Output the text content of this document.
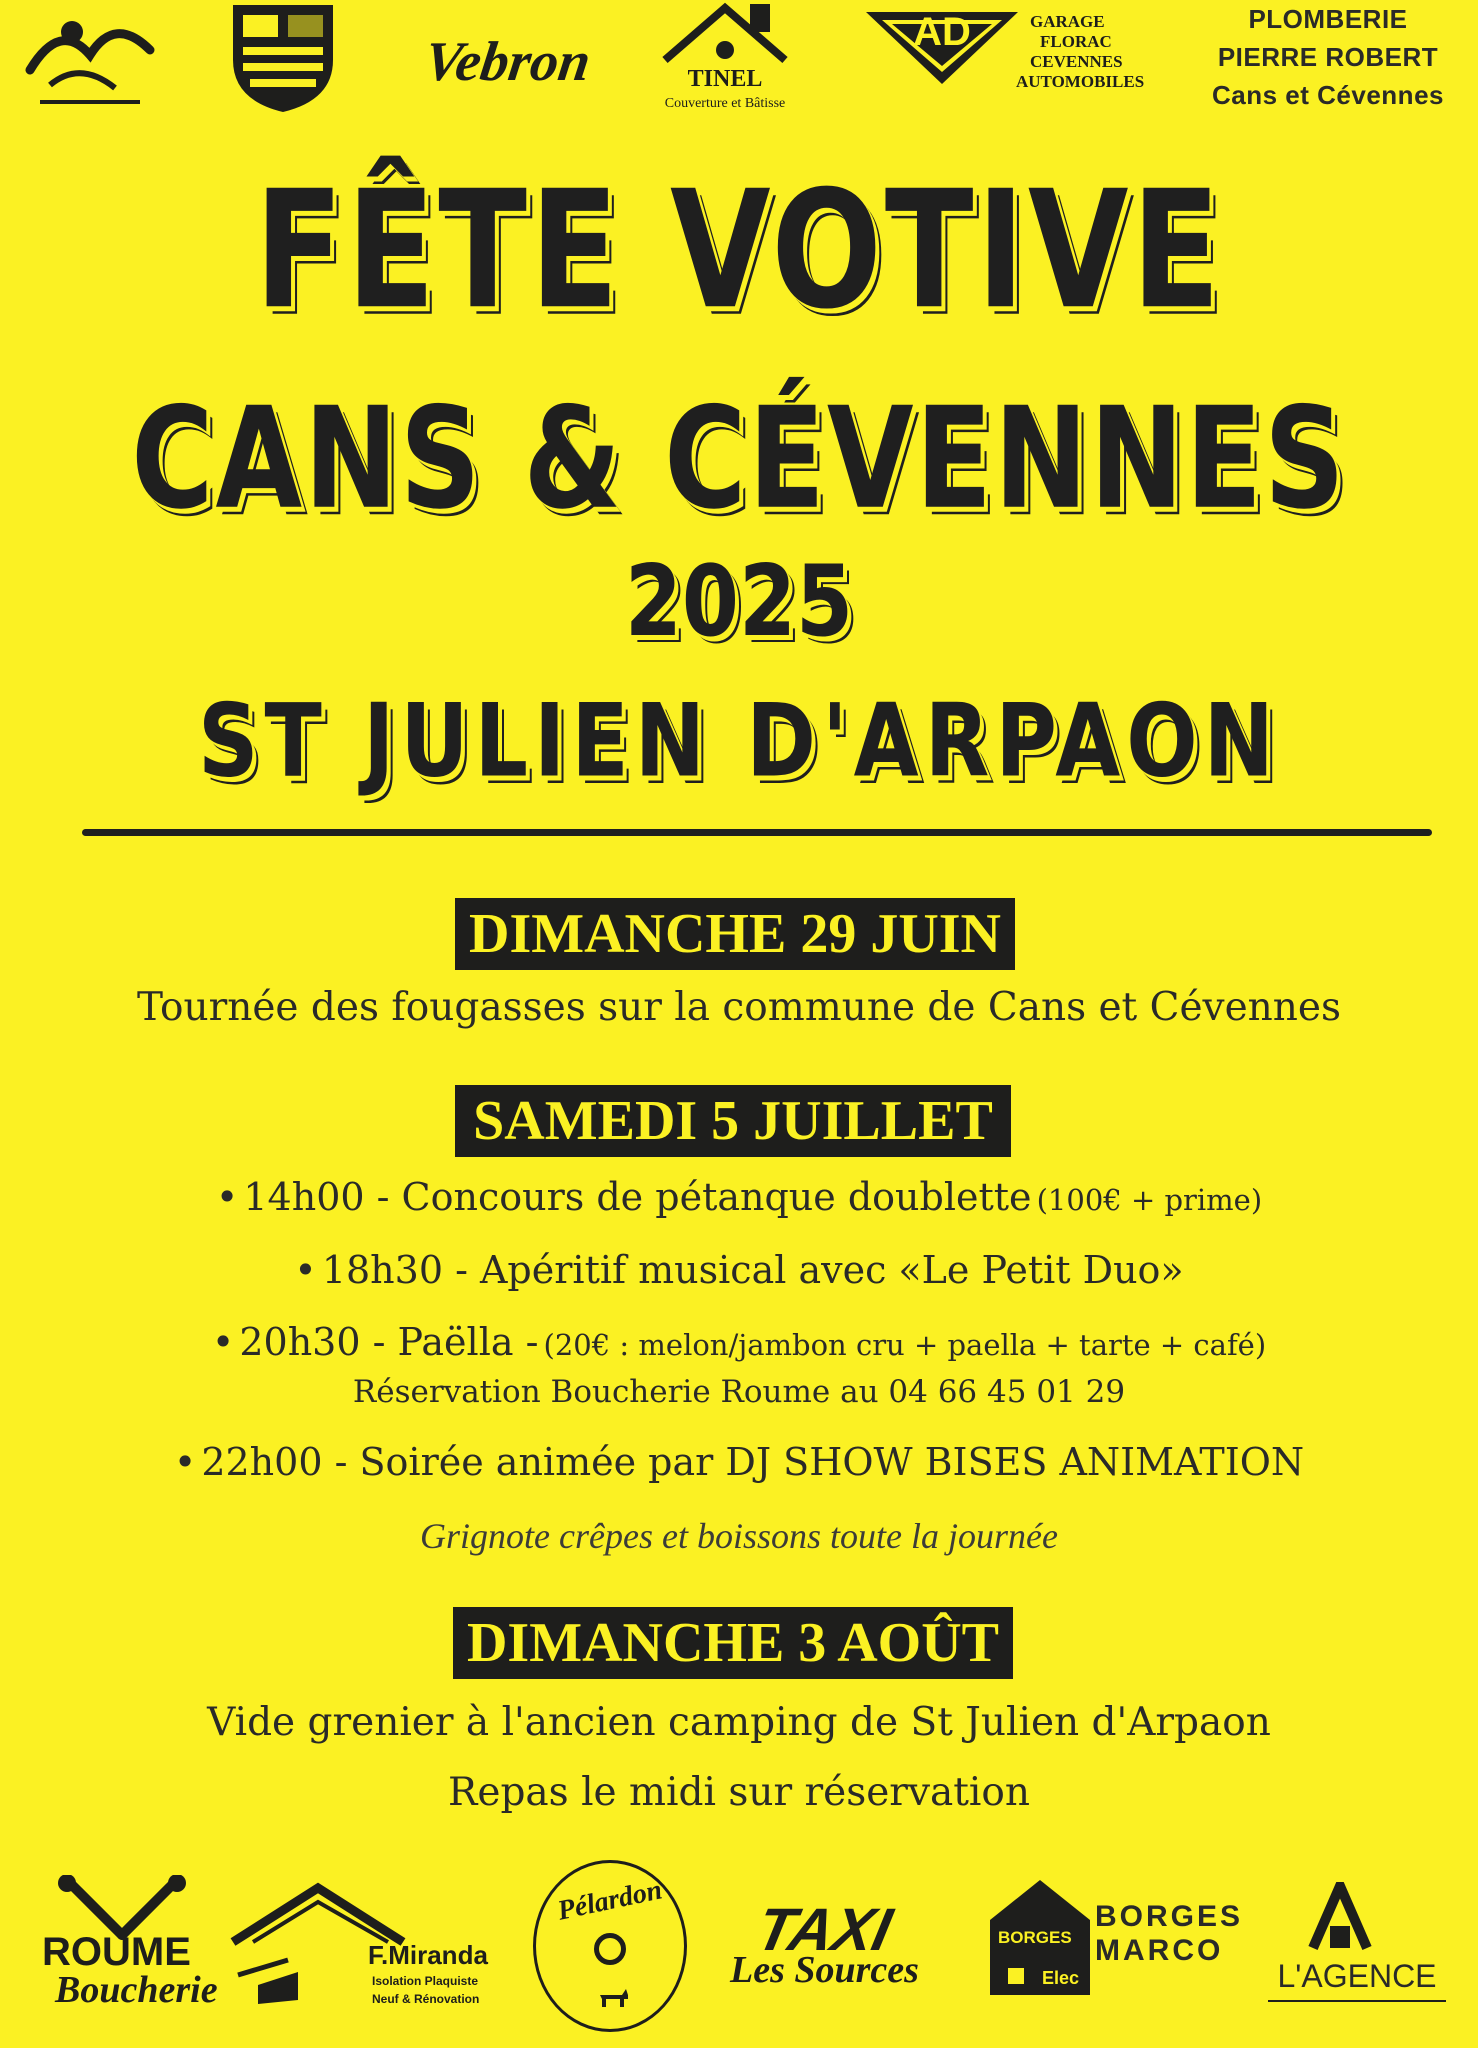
Vebron	TINEL
Couverture et Bâtisse
AD	GARAGE
FLORAC
CEVENNES
AUTOMOBILES
PLOMBERIE
PIERRE ROBERT
Cans et Cévennes
FÊTE VOTIVE
CANS & CÉVENNES
2025
ST JULIEN D'ARPAON
DIMANCHE 29 JUIN
Tournée des fougasses sur la commune de Cans et Cévennes
SAMEDI 5 JUILLET
• 14h00 - Concours de pétanque doublette (100€ + prime)
• 18h30 - Apéritif musical avec «Le Petit Duo»
• 20h30 - Paëlla - (20€ : melon/jambon cru + paella + tarte + café)
Réservation Boucherie Roume au 04 66 45 01 29
• 22h00 - Soirée animée par DJ SHOW BISES ANIMATION
Grignote crêpes et boissons toute la journée
DIMANCHE 3 AOÛT
Vide grenier à l'ancien camping de St Julien d'Arpaon
Repas le midi sur réservation
ROUME
Boucherie
F.Miranda
Isolation Plaquiste
Neuf & Rénovation
Pélardon	TAXI
Les Sources
BORGES
Elec
BORGES
MARCO
L'AGENCE
